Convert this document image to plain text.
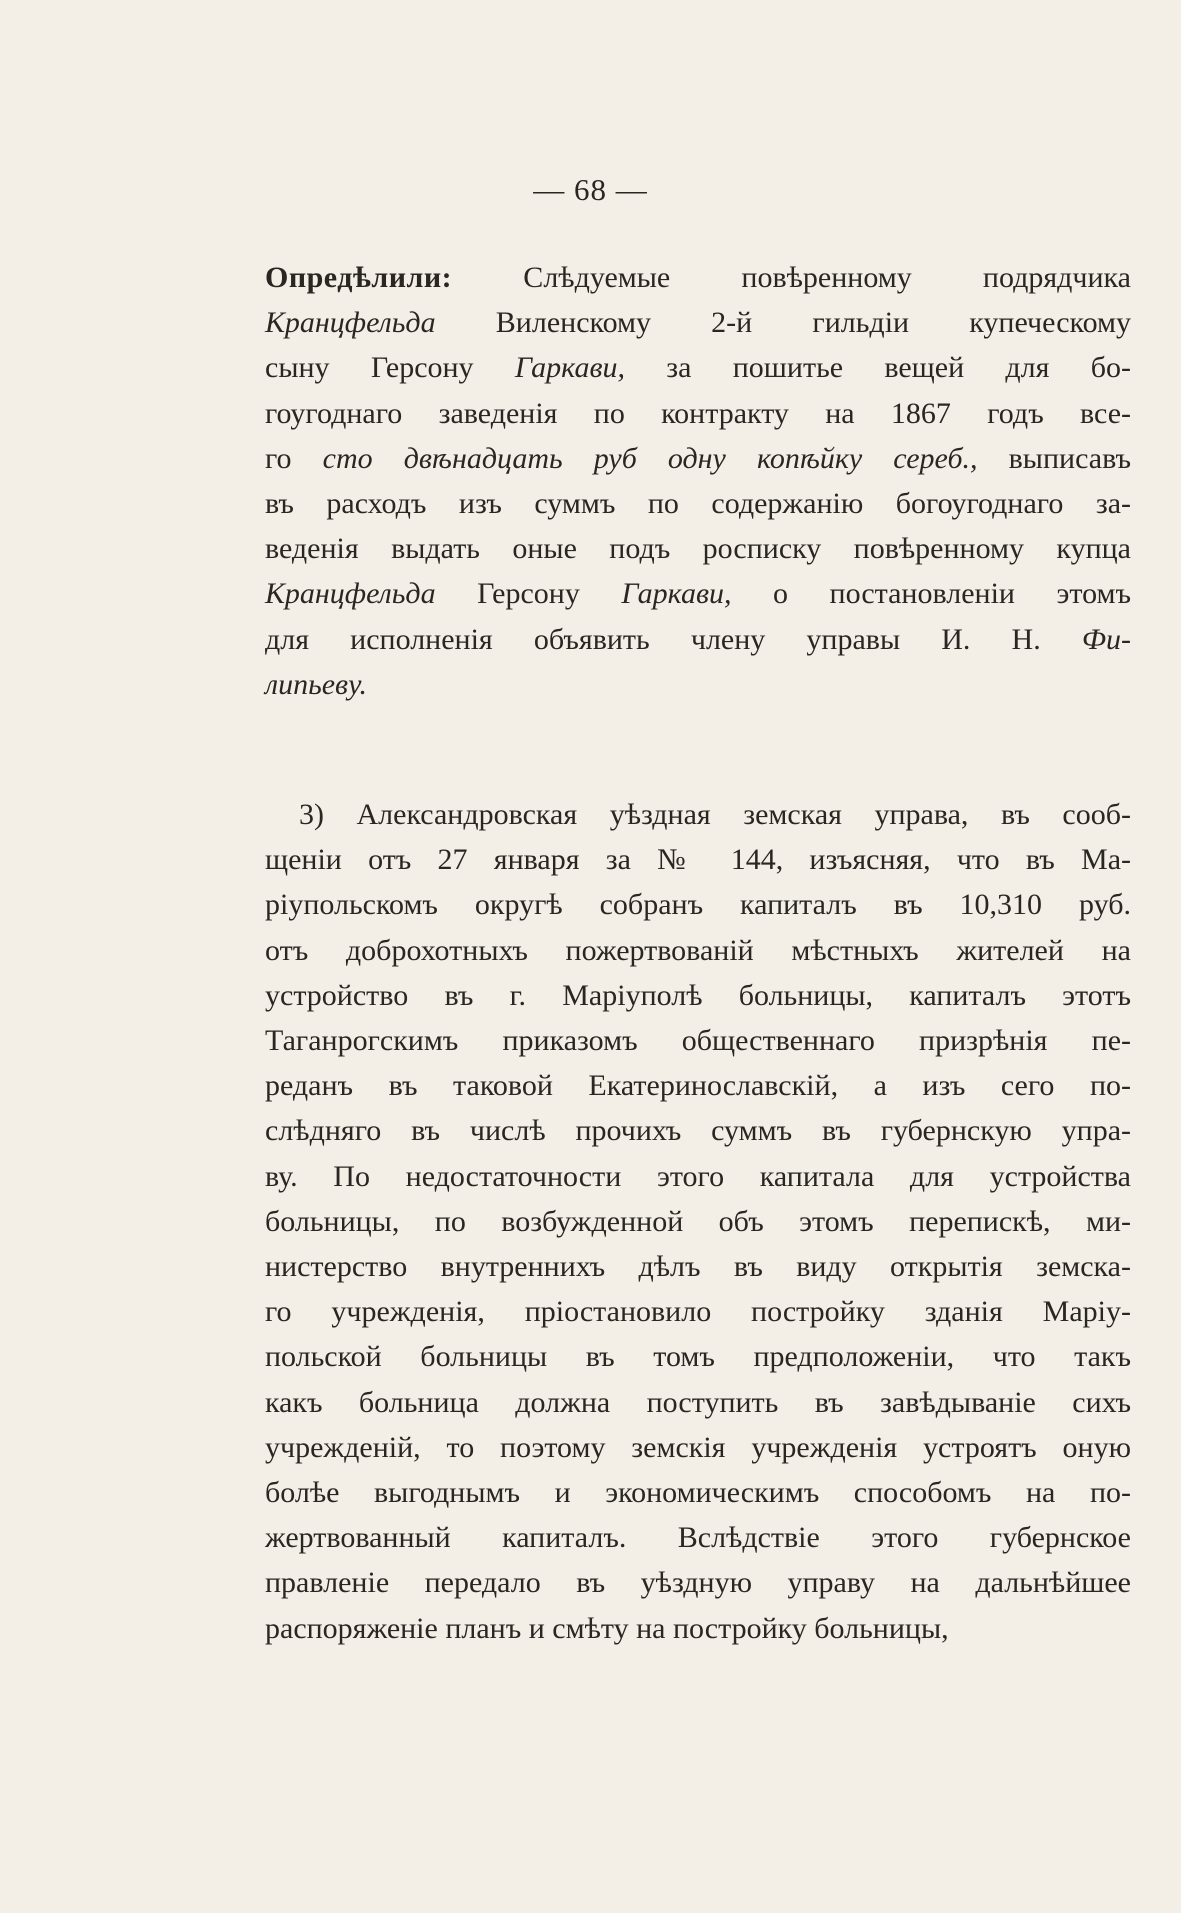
— 68 —
Опредѣлили: Слѣдуемые повѣренному подрядчика
Кранцфельда Виленскому 2-й гильдіи купеческому
сыну Герсону Гаркави, за пошитье вещей для бо-
гоугоднаго заведенія по контракту на 1867 годъ все-
го сто двѣнадцать руб одну копѣйку сереб., выписавъ
въ расходъ изъ суммъ по содержанію богоугоднаго за-
веденія выдать оные подъ росписку повѣренному купца
Кранцфельда Герсону Гаркави, о постановленіи этомъ
для исполненія объявить члену управы И. Н. Фи-
липьеву.
3) Александровская уѣздная земская управа, въ сооб-
щеніи отъ 27 января за № 144, изъясняя, что въ Ма-
ріупольскомъ округѣ собранъ капиталъ въ 10,310 руб.
отъ доброхотныхъ пожертвованій мѣстныхъ жителей на
устройство въ г. Маріуполѣ больницы, капиталъ этотъ
Таганрогскимъ приказомъ общественнаго призрѣнія пе-
реданъ въ таковой Екатеринославскій, а изъ сего по-
слѣдняго въ числѣ прочихъ суммъ въ губернскую упра-
ву. По недостаточности этого капитала для устройства
больницы, по возбужденной объ этомъ перепискѣ, ми-
нистерство внутреннихъ дѣлъ въ виду открытія земска-
го учрежденія, пріостановило постройку зданія Маріу-
польской больницы въ томъ предположеніи, что такъ
какъ больница должна поступить въ завѣдываніе сихъ
учрежденій, то поэтому земскія учрежденія устроятъ оную
болѣе выгоднымъ и экономическимъ способомъ на по-
жертвованный капиталъ. Вслѣдствіе этого губернское
правленіе передало въ уѣздную управу на дальнѣйшее
распоряженіе планъ и смѣту на постройку больницы,
